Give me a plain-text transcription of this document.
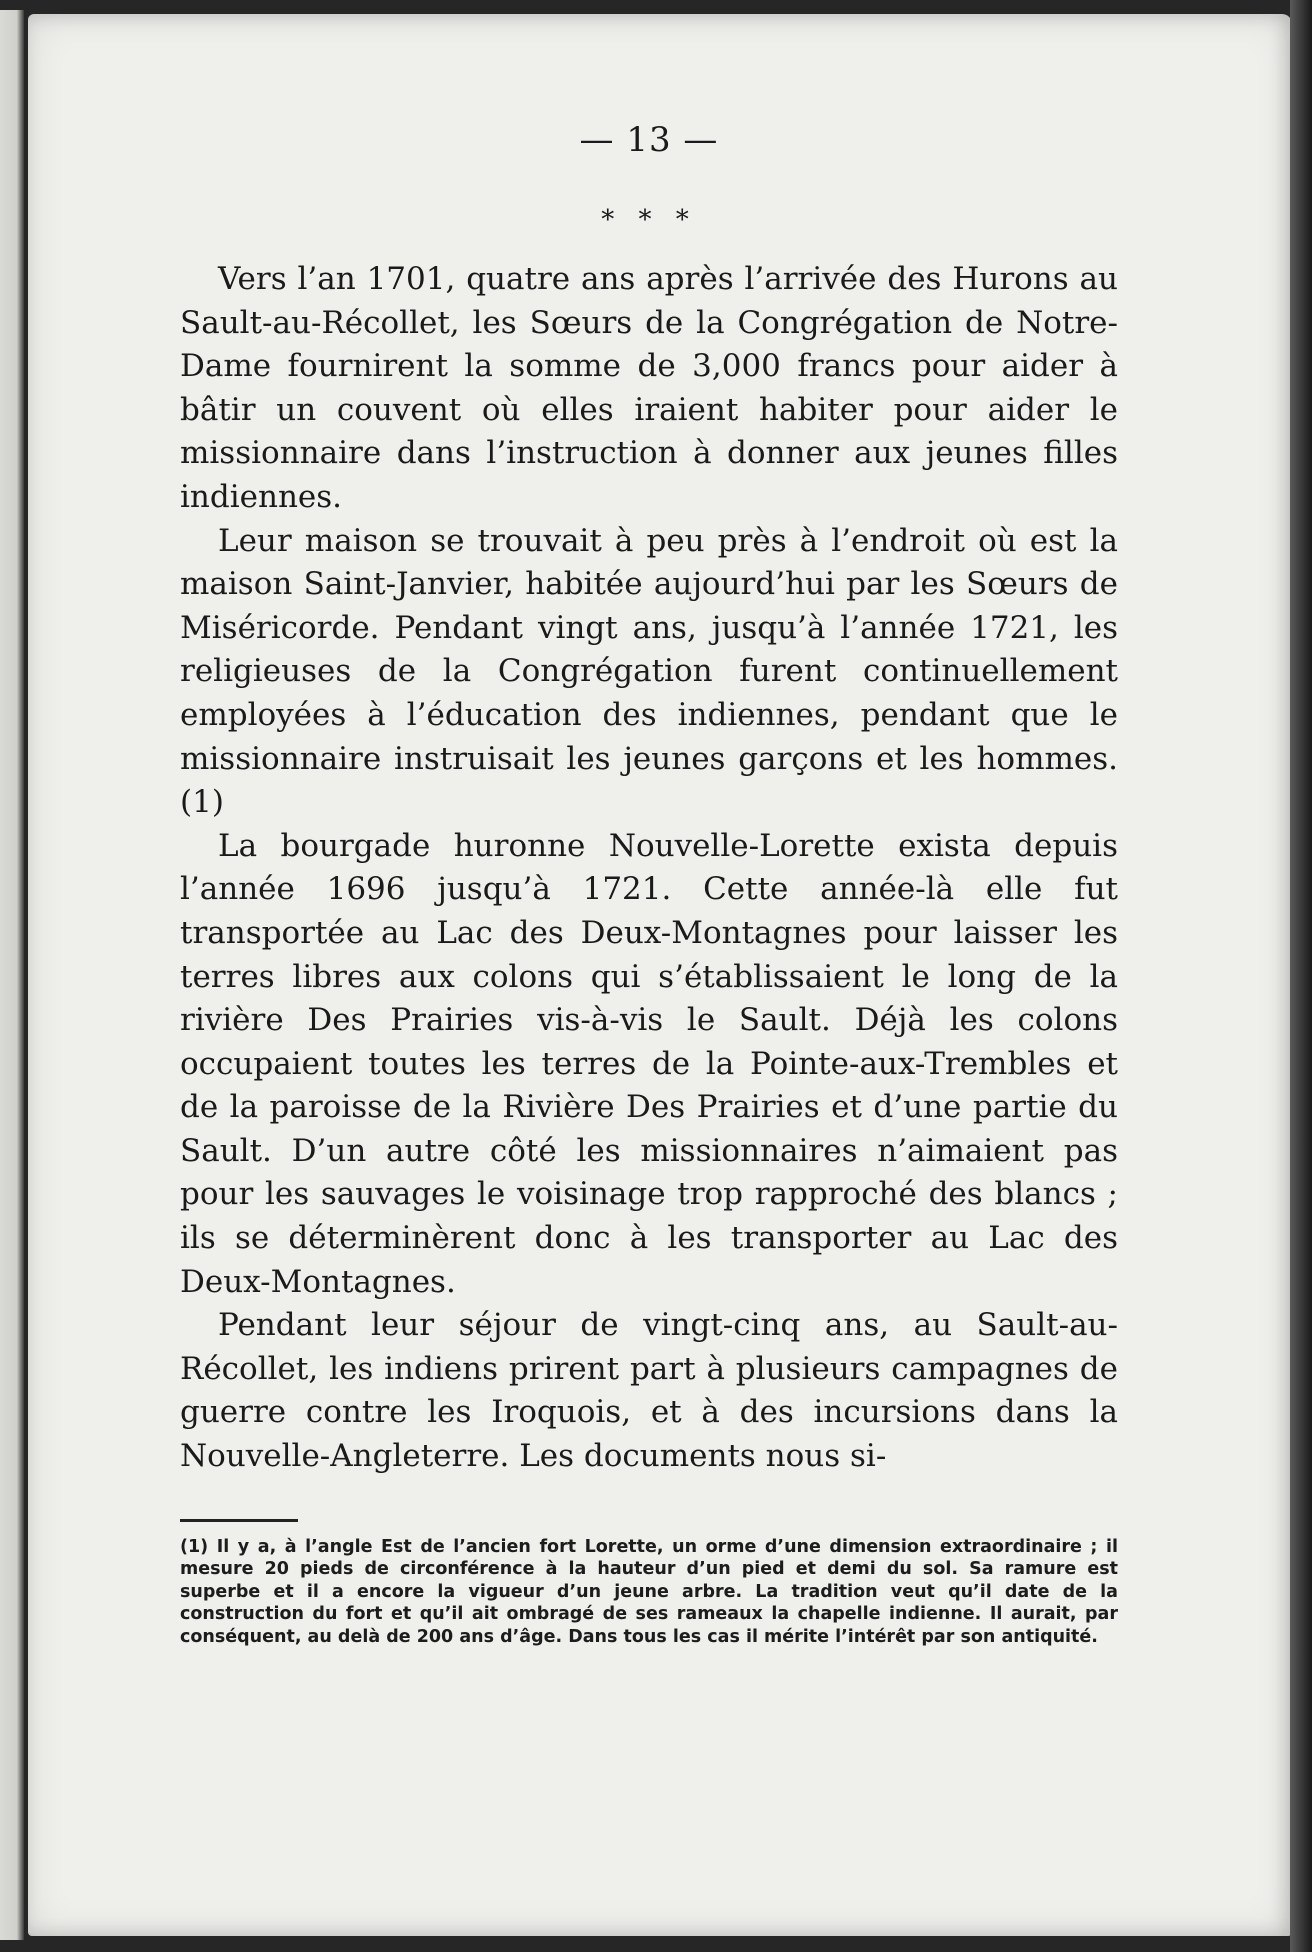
— 13 —
* * *

Vers l’an 1701, quatre ans après l’arrivée des Hurons au Sault-au-Récollet, les Sœurs de la Congrégation de Notre-Dame fournirent la somme de 3,000 francs pour aider à bâtir un couvent où elles iraient habiter pour aider le missionnaire dans l’instruction à donner aux jeunes filles indiennes.

Leur maison se trouvait à peu près à l’endroit où est la maison Saint-Janvier, habitée aujourd’hui par les Sœurs de Miséricorde. Pendant vingt ans, jusqu’à l’année 1721, les religieuses de la Congrégation furent continuellement employées à l’éducation des indiennes, pendant que le missionnaire instruisait les jeunes garçons et les hommes. (1)

La bourgade huronne Nouvelle-Lorette exista depuis l’année 1696 jusqu’à 1721. Cette année-là elle fut transportée au Lac des Deux-Montagnes pour laisser les terres libres aux colons qui s’établissaient le long de la rivière Des Prairies vis-à-vis le Sault. Déjà les colons occupaient toutes les terres de la Pointe-aux-Trembles et de la paroisse de la Rivière Des Prairies et d’une partie du Sault. D’un autre côté les missionnaires n’aimaient pas pour les sauvages le voisinage trop rapproché des blancs ; ils se déterminèrent donc à les transporter au Lac des Deux-Montagnes.

Pendant leur séjour de vingt-cinq ans, au Sault-au-Récollet, les indiens prirent part à plusieurs campagnes de guerre contre les Iroquois, et à des incursions dans la Nouvelle-Angleterre. Les documents nous si-

(1) Il y a, à l’angle Est de l’ancien fort Lorette, un orme d’une dimension extraordinaire ; il mesure 20 pieds de circonférence à la hauteur d’un pied et demi du sol. Sa ramure est superbe et il a encore la vigueur d’un jeune arbre. La tradition veut qu’il date de la construction du fort et qu’il ait ombragé de ses rameaux la chapelle indienne. Il aurait, par conséquent, au delà de 200 ans d’âge. Dans tous les cas il mérite l’intérêt par son antiquité.
